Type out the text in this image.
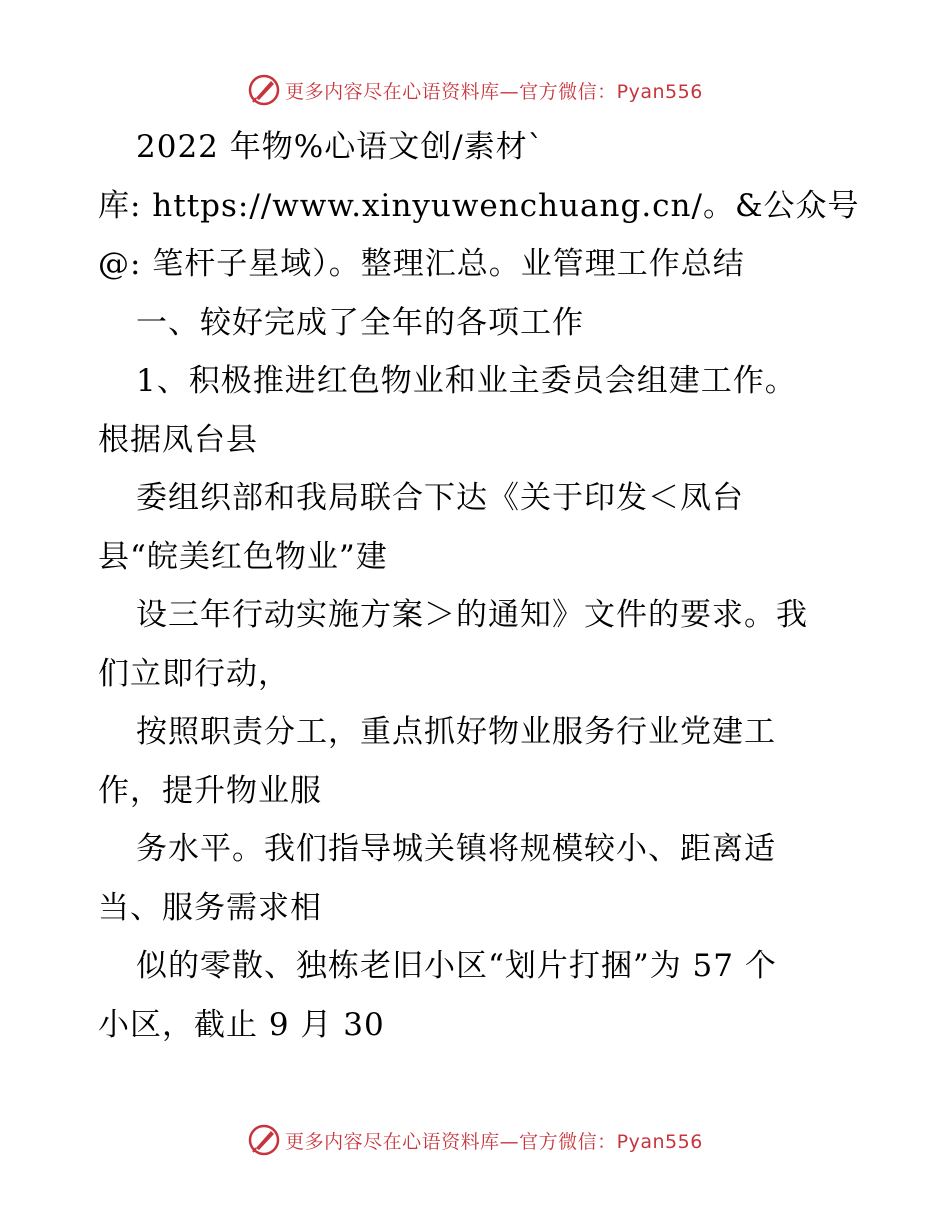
更多内容尽在心语资料库—官方微信：Pyan556
2022 年物%心语文创/素材`
库: https://www.xinyuwenchuang.cn/。&公众号
@: 笔杆子星域）。整理汇总。业管理工作总结
一、较好完成了全年的各项工作
1、积极推进红色物业和业主委员会组建工作。
根据凤台县
委组织部和我局联合下达《关于印发＜凤台
县“皖美红色物业”建
设三年行动实施方案＞的通知》文件的要求。我
们立即行动，
按照职责分工，重点抓好物业服务行业党建工
作，提升物业服
务水平。我们指导城关镇将规模较小、距离适
当、服务需求相
似的零散、独栋老旧小区“划片打捆”为 57 个
小区，截止 9 月 30
更多内容尽在心语资料库—官方微信：Pyan556
